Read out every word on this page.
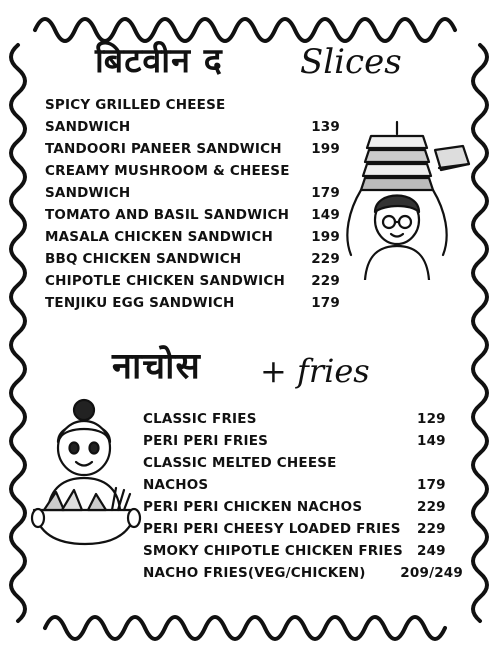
बिटवीन द Slices
SPICY GRILLED CHEESE
SANDWICH	139
TANDOORI PANEER SANDWICH 199
CREAMY MUSHROOM & CHEESE
SANDWICH	179
TOMATO AND BASIL SANDWICH 149
MASALA CHICKEN SANDWICH	199
BBQ CHICKEN SANDWICH	229
CHIPOTLE CHICKEN SANDWICH 229
TENJIKU EGG SANDWICH	179
नाचोस + fries
CLASSIC FRIES	129
PERI PERI FRIES	149
CLASSIC MELTED CHEESE
NACHOS	179
PERI PERI CHICKEN NACHOS	229
PERI PERI CHEESY LOADED FRIES 229
SMOKY CHIPOTLE CHICKEN FRIES 249
NACHO FRIES(VEG/CHICKEN)	209/249
